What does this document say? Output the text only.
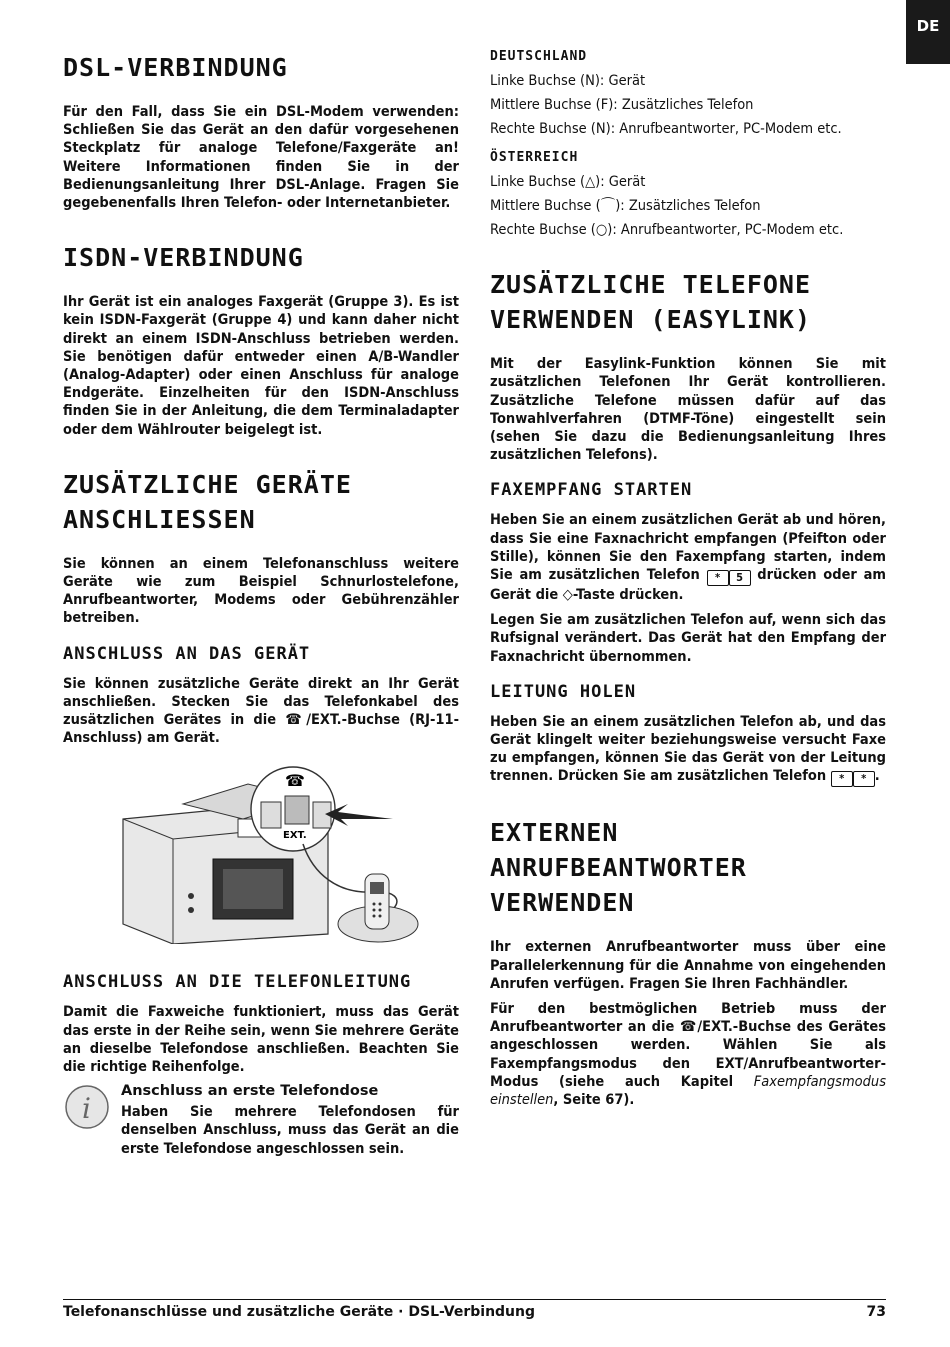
DE
DSL-VERBINDUNG

Für den Fall, dass Sie ein DSL-Modem verwenden: Schließen Sie das Gerät an den dafür vorgesehenen Steckplatz für analoge Telefone/Faxgeräte an! Weitere Informationen finden Sie in der Bedienungsanleitung Ihrer DSL-Anlage. Fragen Sie gegebenenfalls Ihren Telefon- oder Internetanbieter.

ISDN-VERBINDUNG

Ihr Gerät ist ein analoges Faxgerät (Gruppe 3). Es ist kein ISDN-Faxgerät (Gruppe 4) und kann daher nicht direkt an einem ISDN-Anschluss betrieben werden. Sie benötigen dafür entweder einen A/B-Wandler (Analog-Adapter) oder einen Anschluss für analoge Endgeräte. Einzelheiten für den ISDN-Anschluss finden Sie in der Anleitung, die dem Terminaladapter oder dem Wählrouter beigelegt ist.

ZUSÄTZLICHE GERÄTE ANSCHLIESSEN

Sie können an einem Telefonanschluss weitere Geräte wie zum Beispiel Schnurlostelefone, Anrufbeantworter, Modems oder Gebührenzähler betreiben.

ANSCHLUSS AN DAS GERÄT

Sie können zusätzliche Geräte direkt an Ihr Gerät anschließen. Stecken Sie das Telefonkabel des zusätzlichen Gerätes in die ☎/EXT.-Buchse (RJ-11-Anschluss) am Gerät.

☎
EXT.
ANSCHLUSS AN DIE TELEFONLEITUNG

Damit die Faxweiche funktioniert, muss das Gerät das erste in der Reihe sein, wenn Sie mehrere Geräte an dieselbe Telefondose anschließen. Beachten Sie die richtige Reihenfolge.

i
Anschluss an erste Telefondose

Haben Sie mehrere Telefondosen für denselben Anschluss, muss das Gerät an die erste Telefondose angeschlossen sein.

DEUTSCHLAND

Linke Buchse (N): Gerät

Mittlere Buchse (F): Zusätzliches Telefon

Rechte Buchse (N): Anrufbeantworter, PC-Modem etc.

ÖSTERREICH

Linke Buchse (△): Gerät

Mittlere Buchse (⌒): Zusätzliches Telefon

Rechte Buchse (○): Anrufbeantworter, PC-Modem etc.

ZUSÄTZLICHE TELEFONE VERWENDEN (EASYLINK)

Mit der Easylink-Funktion können Sie mit zusätzlichen Telefonen Ihr Gerät kontrollieren. Zusätzliche Telefone müssen dafür auf das Tonwahlverfahren (DTMF-Töne) eingestellt sein (sehen Sie dazu die Bedienungsanleitung Ihres zusätzlichen Telefons).

FAXEMPFANG STARTEN

Heben Sie an einem zusätzlichen Gerät ab und hören, dass Sie eine Faxnachricht empfangen (Pfeifton oder Stille), können Sie den Faxempfang starten, indem Sie am zusätzlichen Telefon * 5 drücken oder am Gerät die ◇-Taste drücken.

Legen Sie am zusätzlichen Telefon auf, wenn sich das Rufsignal verändert. Das Gerät hat den Empfang der Faxnachricht übernommen.

LEITUNG HOLEN

Heben Sie an einem zusätzlichen Telefon ab, und das Gerät klingelt weiter beziehungsweise versucht Faxe zu empfangen, können Sie das Gerät von der Leitung trennen. Drücken Sie am zusätzlichen Telefon * * .

EXTERNEN ANRUFBEANTWORTER VERWENDEN

Ihr externen Anrufbeantworter muss über eine Parallelerkennung für die Annahme von eingehenden Anrufen verfügen. Fragen Sie Ihren Fachhändler.

Für den bestmöglichen Betrieb muss der Anrufbeantworter an die ☎/EXT.-Buchse des Gerätes angeschlossen werden. Wählen Sie als Faxempfangsmodus den EXT/Anrufbeantworter-Modus (siehe auch Kapitel Faxempfangsmodus einstellen, Seite 67).

Telefonanschlüsse und zusätzliche Geräte · DSL-Verbindung	73
